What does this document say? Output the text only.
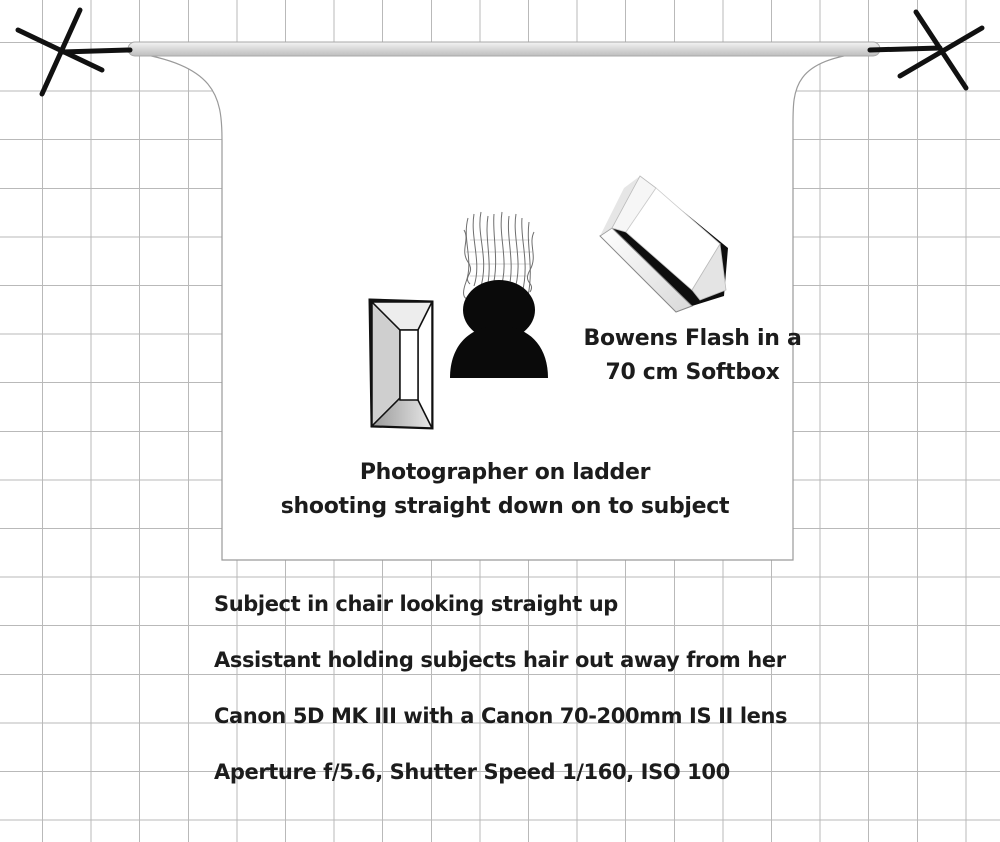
Bowens Flash in a
70 cm Softbox
Photographer on ladder
shooting straight down on to subject
Subject in chair looking straight up
Assistant holding subjects hair out away from her
Canon 5D MK III with a Canon 70-200mm IS II lens
Aperture f/5.6, Shutter Speed 1/160, ISO 100
